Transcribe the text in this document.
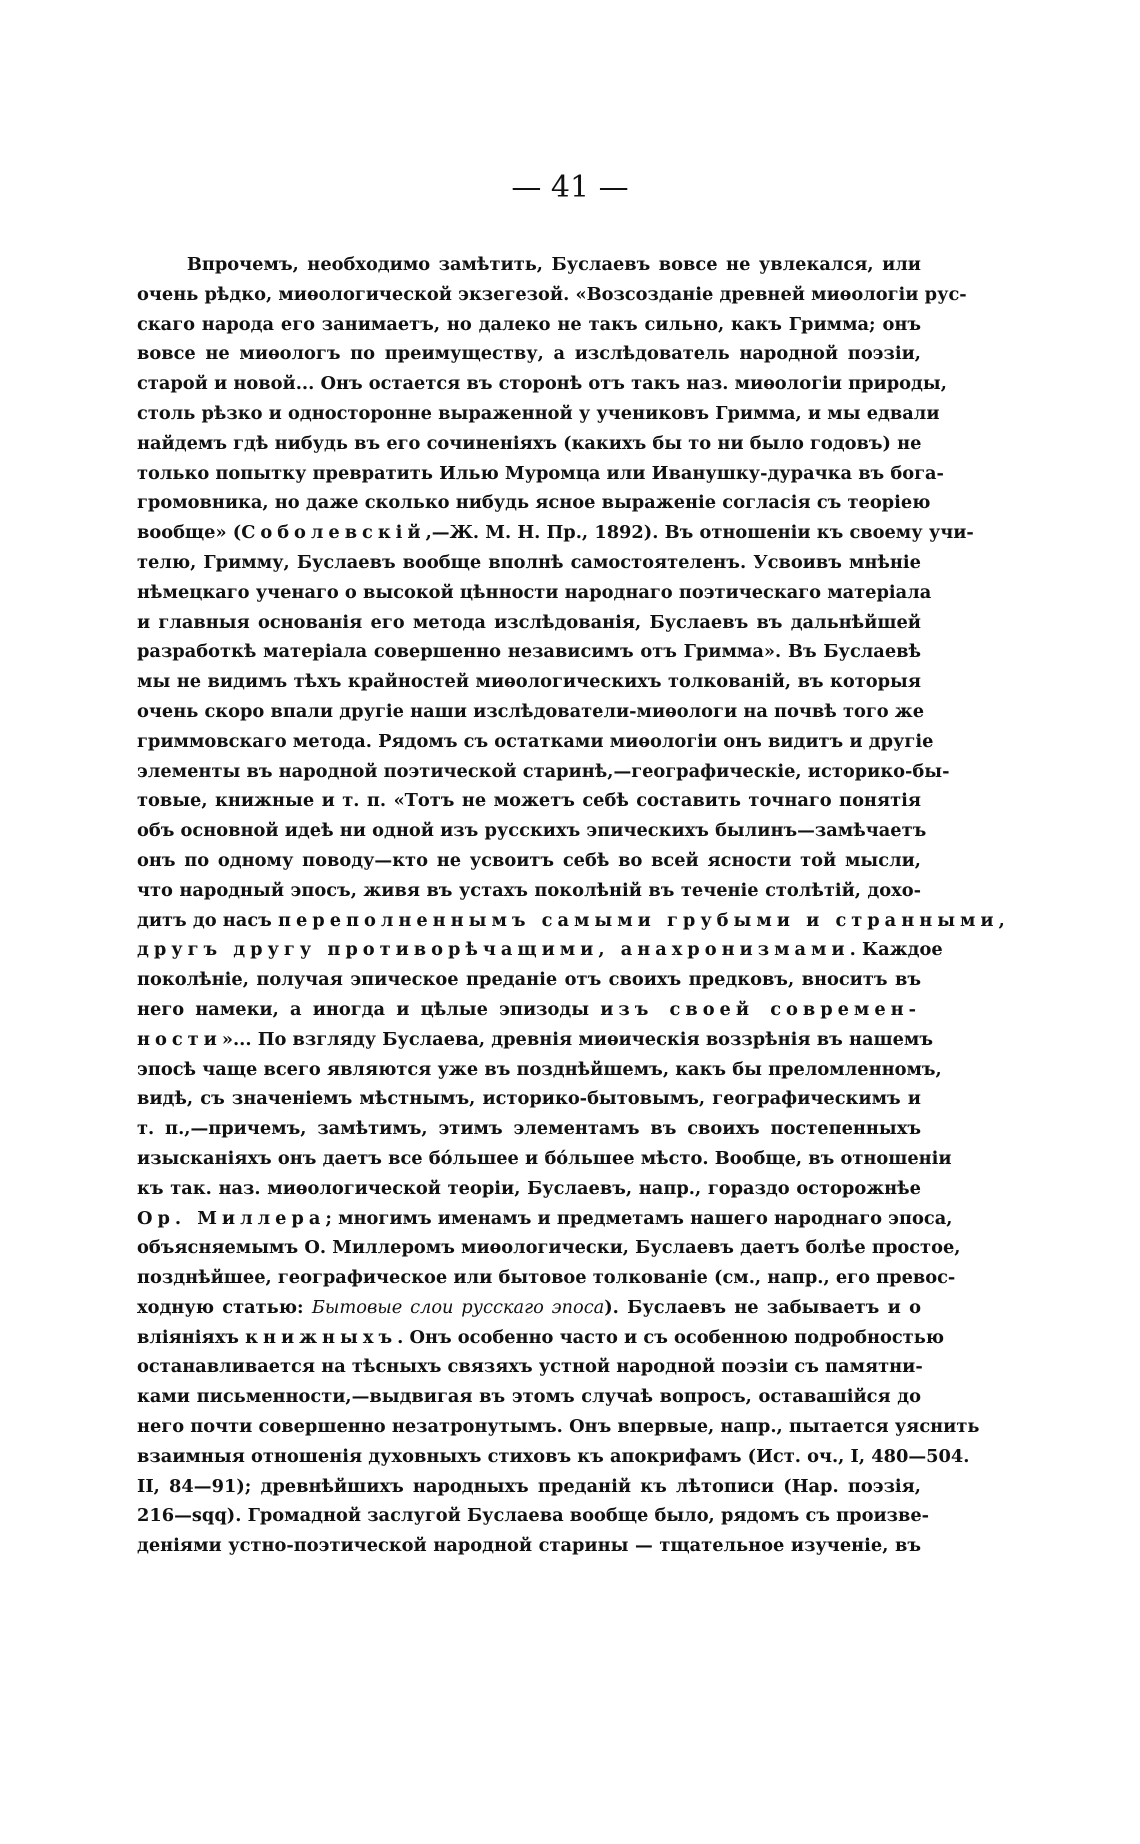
— 41 —
Впрочемъ, необходимо замѣтить, Буслаевъ вовсе не увлекался, или
очень рѣдко, миѳологической экзегезой. «Возсозданіе древней миѳологіи рус-
скаго народа его занимаетъ, но далеко не такъ сильно, какъ Гримма; онъ
вовсе не миѳологъ по преимуществу, а изслѣдователь народной поэзіи,
старой и новой... Онъ остается въ сторонѣ отъ такъ наз. миѳологіи природы,
столь рѣзко и односторонне выраженной у учениковъ Гримма, и мы едвали
найдемъ гдѣ нибудь въ его сочиненіяхъ (какихъ бы то ни было годовъ) не
только попытку превратить Илью Муромца или Иванушку-дурачка въ бога-
громовника, но даже сколько нибудь ясное выраженіе согласія съ теоріею
вообще» (Соболевскій,—Ж. М. Н. Пр., 1892). Въ отношеніи къ своему учи-
телю, Гримму, Буслаевъ вообще вполнѣ самостоятеленъ. Усвоивъ мнѣніе
нѣмецкаго ученаго о высокой цѣнности народнаго поэтическаго матеріала
и главныя основанія его метода изслѣдованія, Буслаевъ въ дальнѣйшей
разработкѣ матеріала совершенно независимъ отъ Гримма». Въ Буслаевѣ
мы не видимъ тѣхъ крайностей миѳологическихъ толкованій, въ которыя
очень скоро впали другіе наши изслѣдователи-миѳологи на почвѣ того же
гриммовскаго метода. Рядомъ съ остатками миѳологіи онъ видитъ и другіе
элементы въ народной поэтической старинѣ,—географическіе, историко-бы-
товые, книжные и т. п. «Тотъ не можетъ себѣ составить точнаго понятія
объ основной идеѣ ни одной изъ русскихъ эпическихъ былинъ—замѣчаетъ
онъ по одному поводу—кто не усвоитъ себѣ во всей ясности той мысли,
что народный эпосъ, живя въ устахъ поколѣній въ теченіе столѣтій, дохо-
дитъ до насъ переполненнымъ самыми грубыми и странными,
другъ другу противорѣчащими, анахронизмами. Каждое
поколѣніе, получая эпическое преданіе отъ своихъ предковъ, вноситъ въ
него намеки, а иногда и цѣлые эпизоды изъ своей современ-
ности»... По взгляду Буслаева, древнія миѳическія воззрѣнія въ нашемъ
эпосѣ чаще всего являются уже въ позднѣйшемъ, какъ бы преломленномъ,
видѣ, съ значеніемъ мѣстнымъ, историко-бытовымъ, географическимъ и
т. п.,—причемъ, замѣтимъ, этимъ элементамъ въ своихъ постепенныхъ
изысканіяхъ онъ даетъ все бо́льшее и бо́льшее мѣсто. Вообще, въ отношеніи
къ так. наз. миѳологической теоріи, Буслаевъ, напр., гораздо осторожнѣе
Ор. Миллера; многимъ именамъ и предметамъ нашего народнаго эпоса,
объясняемымъ О. Миллеромъ миѳологически, Буслаевъ даетъ болѣе простое,
позднѣйшее, географическое или бытовое толкованіе (см., напр., его превос-
ходную статью: Бытовые слои русскаго эпоса). Буслаевъ не забываетъ и о
вліяніяхъ книжныхъ. Онъ особенно часто и съ особенною подробностью
останавливается на тѣсныхъ связяхъ устной народной поэзіи съ памятни-
ками письменности,—выдвигая въ этомъ случаѣ вопросъ, оставашійся до
него почти совершенно незатронутымъ. Онъ впервые, напр., пытается уяснить
взаимныя отношенія духовныхъ стиховъ къ апокрифамъ (Ист. оч., I, 480—504.
II, 84—91); древнѣйшихъ народныхъ преданій къ лѣтописи (Нар. поэзія,
216—sqq). Громадной заслугой Буслаева вообще было, рядомъ съ произве-
деніями устно-поэтической народной старины — тщательное изученіе, въ
